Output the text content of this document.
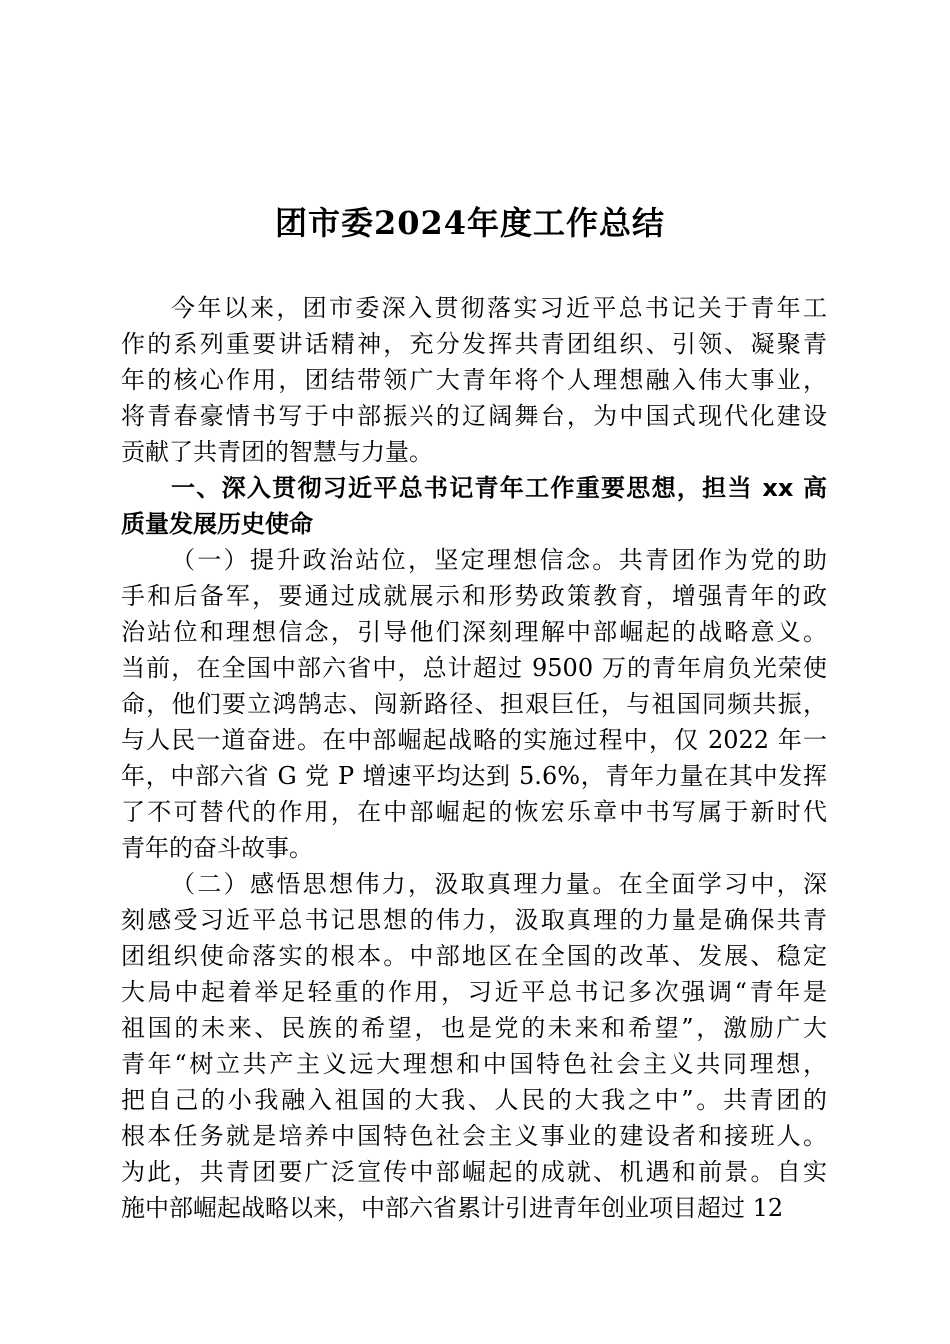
团市委2024年度工作总结
今年以来，团市委深入贯彻落实习近平总书记关于青年工
作的系列重要讲话精神，充分发挥共青团组织、引领、凝聚青
年的核心作用，团结带领广大青年将个人理想融入伟大事业，
将青春豪情书写于中部振兴的辽阔舞台，为中国式现代化建设
贡献了共青团的智慧与力量。
一、深入贯彻习近平总书记青年工作重要思想，担当 xx 高
质量发展历史使命
（一）提升政治站位，坚定理想信念。共青团作为党的助
手和后备军，要通过成就展示和形势政策教育，增强青年的政
治站位和理想信念，引导他们深刻理解中部崛起的战略意义。
当前，在全国中部六省中，总计超过 9500 万的青年肩负光荣使
命，他们要立鸿鹄志、闯新路径、担艰巨任，与祖国同频共振，
与人民一道奋进。在中部崛起战略的实施过程中，仅 2022 年一
年，中部六省 G 党 P 增速平均达到 5.6%，青年力量在其中发挥
了不可替代的作用，在中部崛起的恢宏乐章中书写属于新时代
青年的奋斗故事。
（二）感悟思想伟力，汲取真理力量。在全面学习中，深
刻感受习近平总书记思想的伟力，汲取真理的力量是确保共青
团组织使命落实的根本。中部地区在全国的改革、发展、稳定
大局中起着举足轻重的作用，习近平总书记多次强调“青年是
祖国的未来、民族的希望，也是党的未来和希望”，激励广大
青年“树立共产主义远大理想和中国特色社会主义共同理想，
把自己的小我融入祖国的大我、人民的大我之中”。共青团的
根本任务就是培养中国特色社会主义事业的建设者和接班人。
为此，共青团要广泛宣传中部崛起的成就、机遇和前景。自实
施中部崛起战略以来，中部六省累计引进青年创业项目超过 12
